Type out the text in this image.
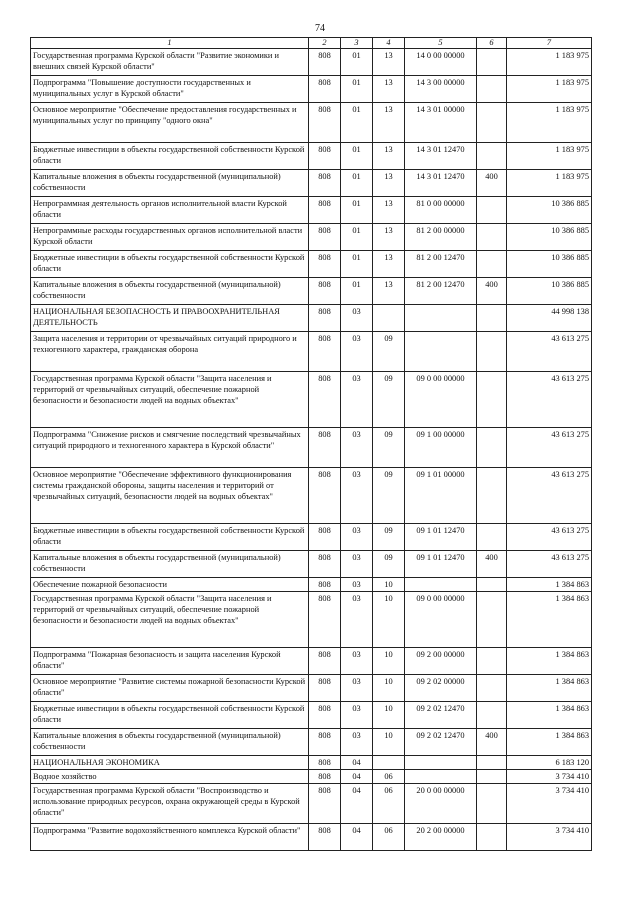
74
1	2	3	4	5	6	7
Государственная программа Курской области "Развитие экономики и внешних связей Курской области"	808	01	13	14 0 00 00000		1 183 975
Подпрограмма "Повышение доступности государственных и муниципальных услуг в Курской области"	808	01	13	14 3 00 00000		1 183 975
Основное мероприятие "Обеспечение предоставления государственных и муниципальных услуг по принципу "одного окна"	808	01	13	14 3 01 00000		1 183 975
Бюджетные инвестиции в объекты государственной собственности Курской области	808	01	13	14 3 01 12470		1 183 975
Капитальные вложения в объекты государственной (муниципальной) собственности	808	01	13	14 3 01 12470	400	1 183 975
Непрограммная деятельность органов исполнительной власти Курской области	808	01	13	81 0 00 00000		10 386 885
Непрограммные расходы государственных органов исполнительной власти Курской области	808	01	13	81 2 00 00000		10 386 885
Бюджетные инвестиции в объекты государственной собственности Курской области	808	01	13	81 2 00 12470		10 386 885
Капитальные вложения в объекты государственной (муниципальной) собственности	808	01	13	81 2 00 12470	400	10 386 885
НАЦИОНАЛЬНАЯ БЕЗОПАСНОСТЬ И ПРАВООХРАНИТЕЛЬНАЯ ДЕЯТЕЛЬНОСТЬ	808	03				44 998 138
Защита населения и территории от чрезвычайных ситуаций природного и техногенного характера, гражданская оборона	808	03	09			43 613 275
Государственная программа Курской области "Защита населения и территорий от чрезвычайных ситуаций, обеспечение пожарной безопасности и безопасности людей на водных объектах"	808	03	09	09 0 00 00000		43 613 275
Подпрограмма "Снижение рисков и смягчение последствий чрезвычайных ситуаций природного и техногенного характера в Курской области"	808	03	09	09 1 00 00000		43 613 275
Основное мероприятие "Обеспечение эффективного функционирования системы гражданской обороны, защиты населения и территорий от чрезвычайных ситуаций, безопасности людей на водных объектах"	808	03	09	09 1 01 00000		43 613 275
Бюджетные инвестиции в объекты государственной собственности Курской области	808	03	09	09 1 01 12470		43 613 275
Капитальные вложения в объекты государственной (муниципальной) собственности	808	03	09	09 1 01 12470	400	43 613 275
Обеспечение пожарной безопасности	808	03	10			1 384 863
Государственная программа Курской области "Защита населения и территорий от чрезвычайных ситуаций, обеспечение пожарной безопасности и безопасности людей на водных объектах"	808	03	10	09 0 00 00000		1 384 863
Подпрограмма "Пожарная безопасность и защита населения Курской области"	808	03	10	09 2 00 00000		1 384 863
Основное мероприятие "Развитие системы пожарной безопасности Курской области"	808	03	10	09 2 02 00000		1 384 863
Бюджетные инвестиции в объекты государственной собственности Курской области	808	03	10	09 2 02 12470		1 384 863
Капитальные вложения в объекты государственной (муниципальной) собственности	808	03	10	09 2 02 12470	400	1 384 863
НАЦИОНАЛЬНАЯ ЭКОНОМИКА	808	04				6 183 120
Водное хозяйство	808	04	06			3 734 410
Государственная программа Курской области "Воспроизводство и использование природных ресурсов, охрана окружающей среды в Курской области"	808	04	06	20 0 00 00000		3 734 410
Подпрограмма "Развитие водохозяйственного комплекса Курской области"	808	04	06	20 2 00 00000		3 734 410
